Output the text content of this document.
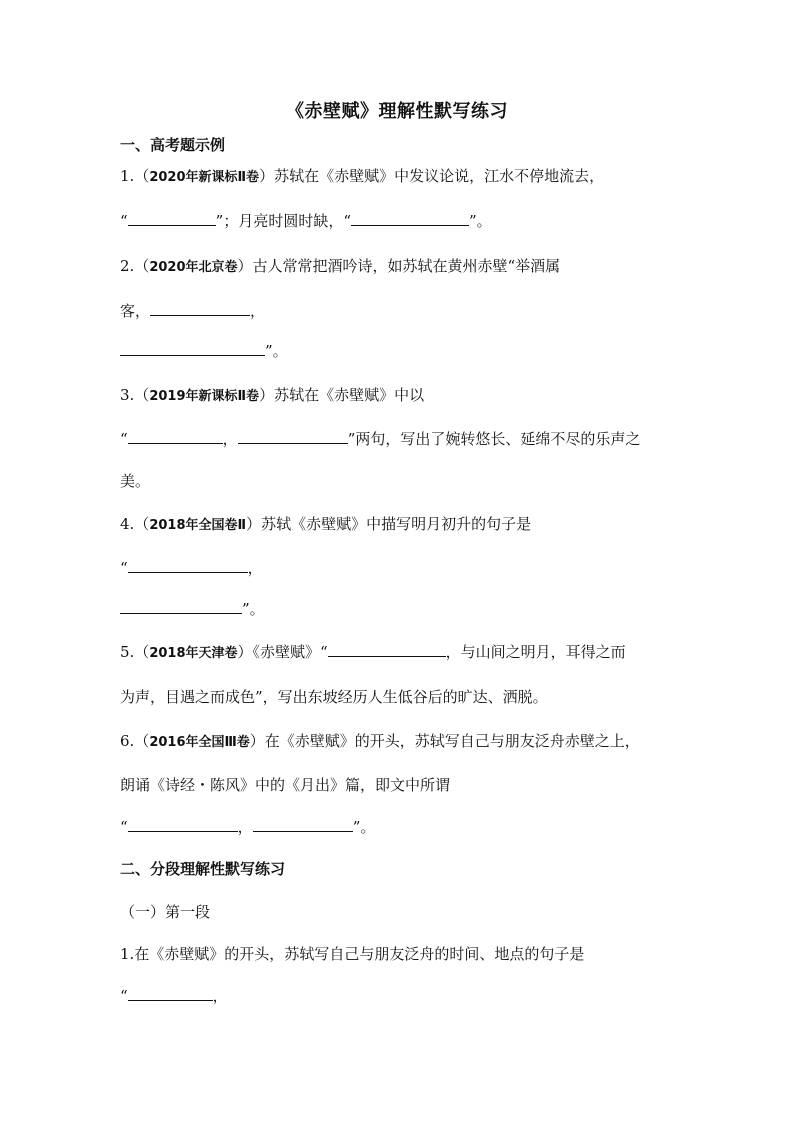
《赤壁赋》理解性默写练习
一、高考题示例
1.（2020年新课标Ⅱ卷）苏轼在《赤壁赋》中发议论说，江水不停地流去，
“	”；月亮时圆时缺，“	”。
2.（2020年北京卷）古人常常把酒吟诗，如苏轼在黄州赤壁“举酒属
客，	，
”。
3.（2019年新课标Ⅱ卷）苏轼在《赤壁赋》中以
“	，	”两句，写出了婉转悠长、延绵不尽的乐声之
美。
4.（2018年全国卷Ⅱ）苏轼《赤壁赋》中描写明月初升的句子是
“	，
”。
5.（2018年天津卷）《赤壁赋》“	，与山间之明月，耳得之而
为声，目遇之而成色”，写出东坡经历人生低谷后的旷达、洒脱。
6.（2016年全国Ⅲ卷）在《赤壁赋》的开头，苏轼写自己与朋友泛舟赤壁之上，
朗诵《诗经・陈风》中的《月出》篇，即文中所谓
“	，	”。
二、分段理解性默写练习
（一）第一段
1.在《赤壁赋》的开头，苏轼写自己与朋友泛舟的时间、地点的句子是
“	，
